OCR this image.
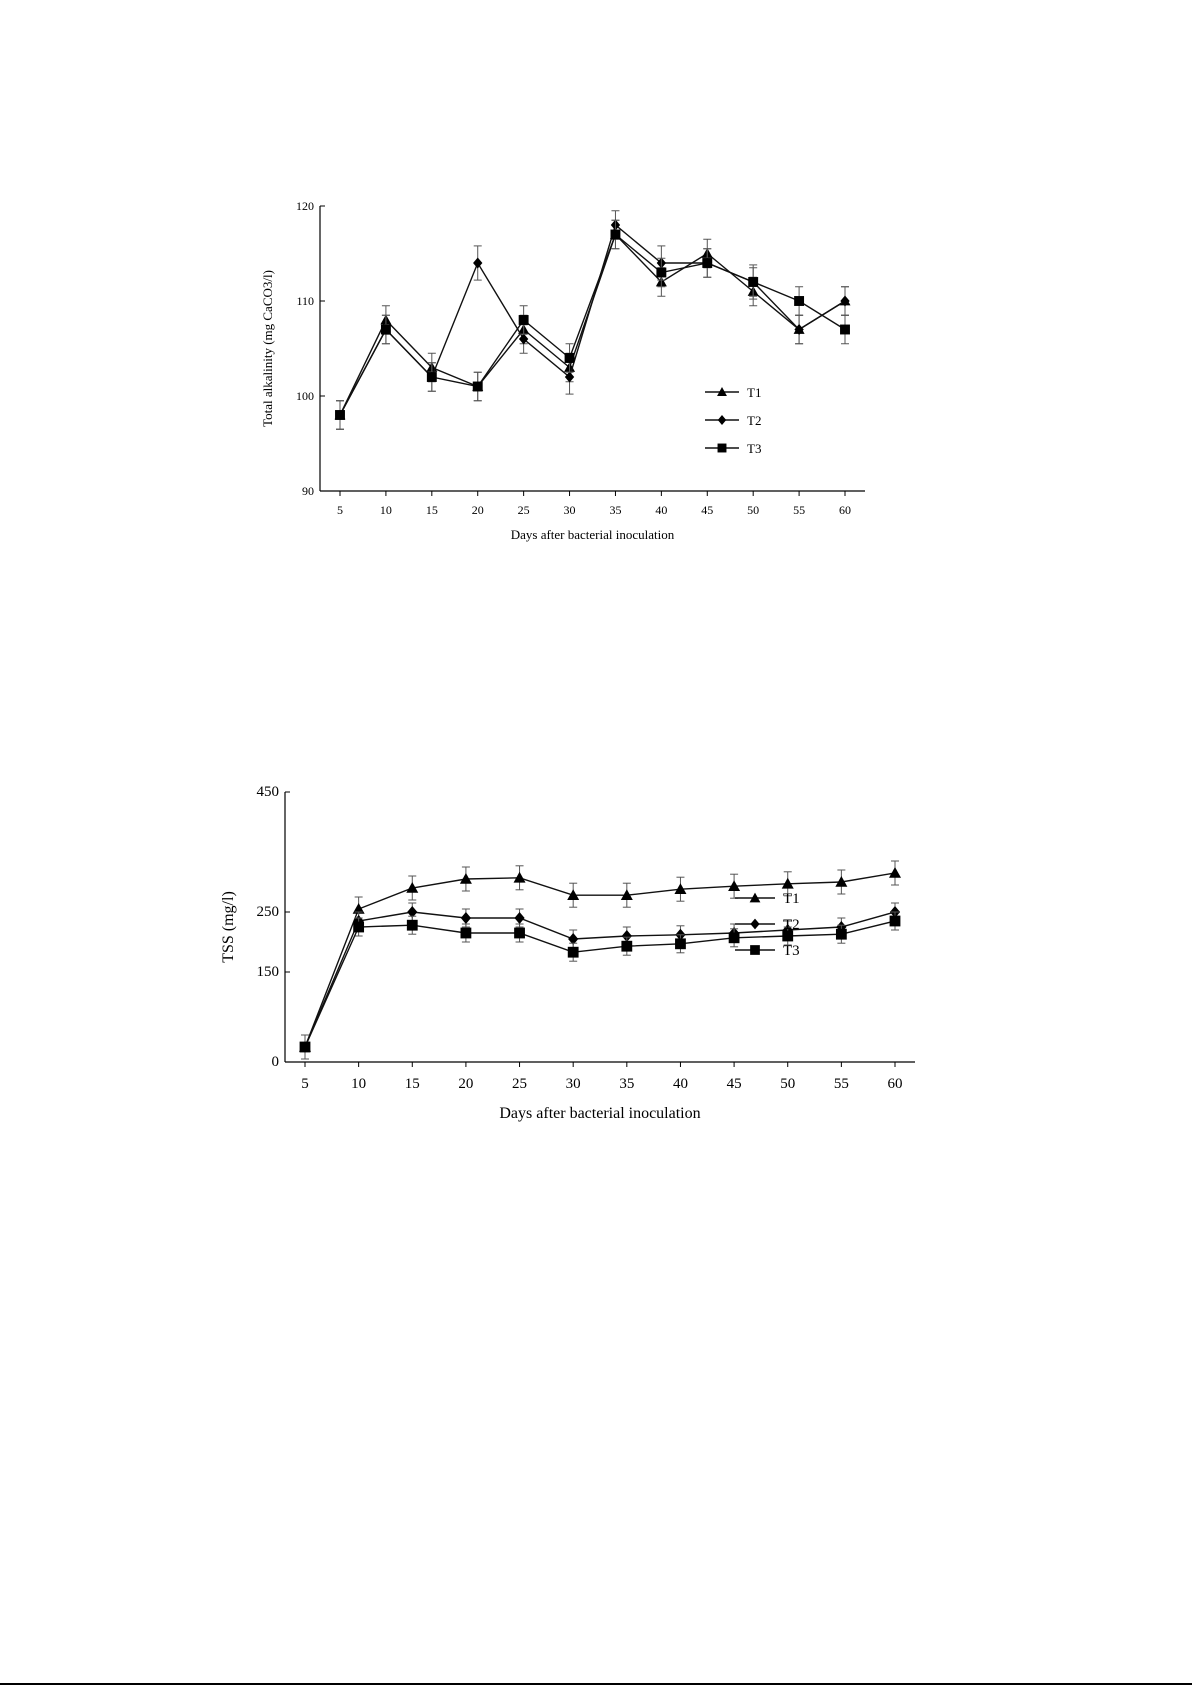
90
100
110
120
5	10	15	20	25	30	35	40	45	50	55	60
Days after bacterial inoculation
Total alkalinity (mg CaCO3/l)	T1
T2
T3
0
150
250
450
5	10	15	20	25	30	35	40	45	50	55	60
Days after bacterial inoculation
TSS (mg/l)	T1
T2
T3
